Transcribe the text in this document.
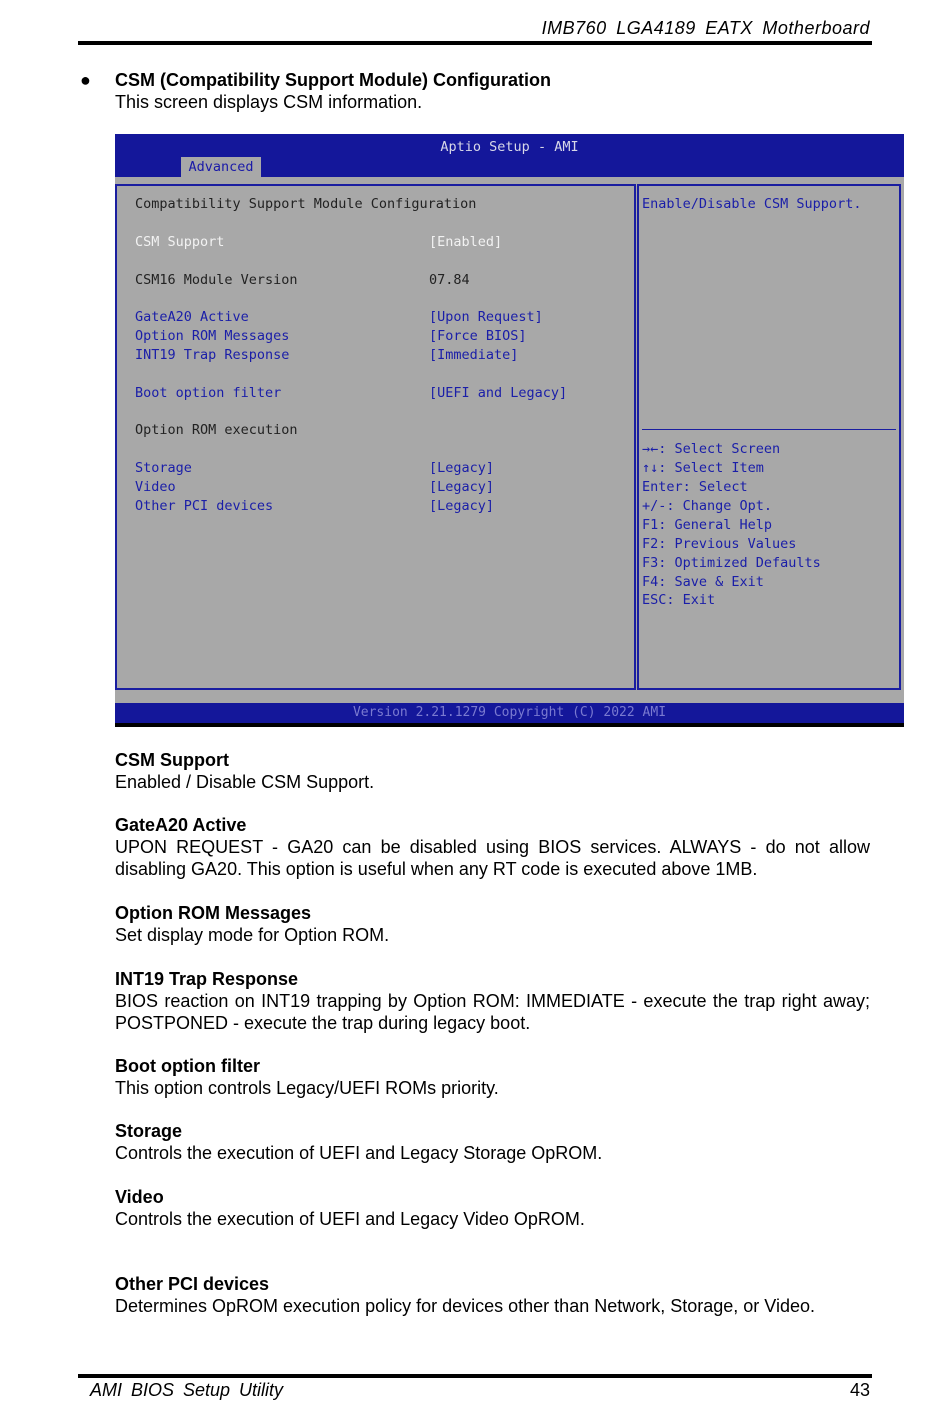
IMB760 LGA4189 EATX Motherboard
● CSM (Compatibility Support Module) Configuration
This screen displays CSM information.
Aptio Setup - AMI
Advanced
Compatibility Support Module Configuration
CSM Support	[Enabled]
CSM16 Module Version	07.84
GateA20 Active	[Upon Request]
Option ROM Messages	[Force BIOS]
INT19 Trap Response	[Immediate]
Boot option filter	[UEFI and Legacy]
Option ROM execution
Storage	[Legacy]
Video	[Legacy]
Other PCI devices	[Legacy]
Enable/Disable CSM Support.
→←: Select Screen
↑↓: Select Item
Enter: Select
+/-: Change Opt.
F1: General Help
F2: Previous Values
F3: Optimized Defaults
F4: Save & Exit
ESC: Exit
Version 2.21.1279 Copyright (C) 2022 AMI
CSM Support
Enabled / Disable CSM Support.
GateA20 Active
UPON REQUEST - GA20 can be disabled using BIOS services. ALWAYS - do not allow disabling GA20. This option is useful when any RT code is executed above 1MB.
Option ROM Messages
Set display mode for Option ROM.
INT19 Trap Response
BIOS reaction on INT19 trapping by Option ROM: IMMEDIATE - execute the trap right away; POSTPONED - execute the trap during legacy boot.
Boot option filter
This option controls Legacy/UEFI ROMs priority.
Storage
Controls the execution of UEFI and Legacy Storage OpROM.
Video
Controls the execution of UEFI and Legacy Video OpROM.
Other PCI devices
Determines OpROM execution policy for devices other than Network, Storage, or Video.
AMI BIOS Setup Utility	43
